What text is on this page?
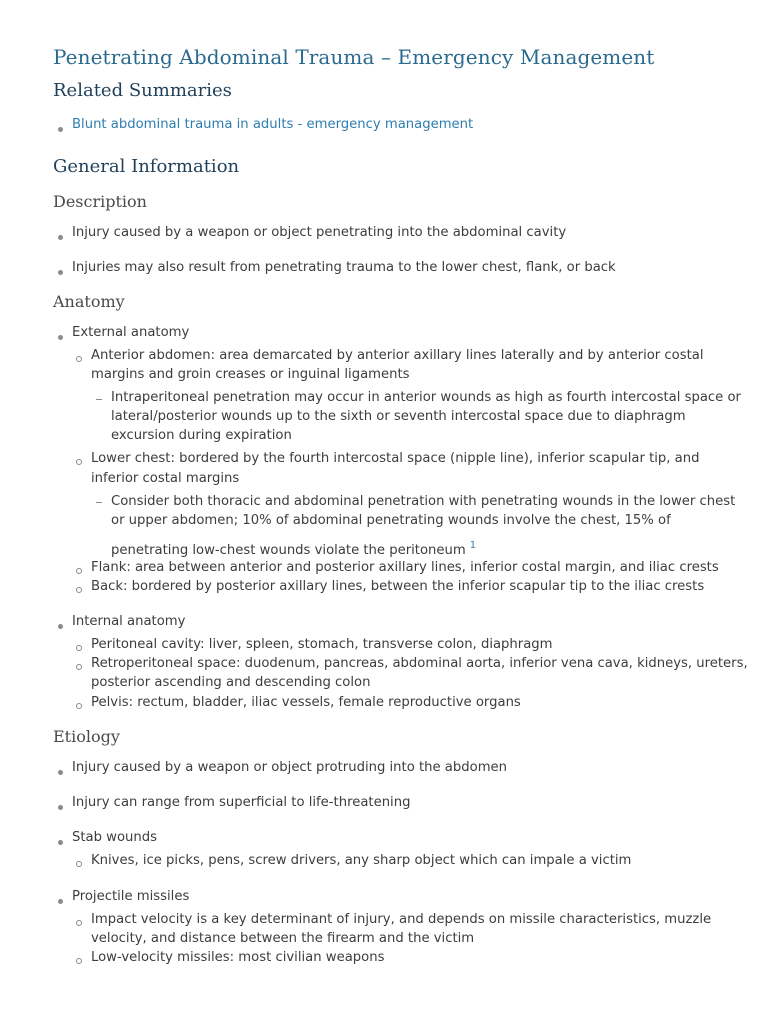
Penetrating Abdominal Trauma – Emergency Management
Related Summaries
Blunt abdominal trauma in adults - emergency management
General Information
Description
Injury caused by a weapon or object penetrating into the abdominal cavity
Injuries may also result from penetrating trauma to the lower chest, flank, or back
Anatomy
External anatomy
Anterior abdomen: area demarcated by anterior axillary lines laterally and by anterior costal
margins and groin creases or inguinal ligaments
Intraperitoneal penetration may occur in anterior wounds as high as fourth intercostal space or
lateral/posterior wounds up to the sixth or seventh intercostal space due to diaphragm
excursion during expiration
Lower chest: bordered by the fourth intercostal space (nipple line), inferior scapular tip, and
inferior costal margins
Consider both thoracic and abdominal penetration with penetrating wounds in the lower chest
or upper abdomen; 10% of abdominal penetrating wounds involve the chest, 15% of
penetrating low-chest wounds violate the peritoneum $^1$
Flank: area between anterior and posterior axillary lines, inferior costal margin, and iliac crests
Back: bordered by posterior axillary lines, between the inferior scapular tip to the iliac crests
Internal anatomy
Peritoneal cavity: liver, spleen, stomach, transverse colon, diaphragm
Retroperitoneal space: duodenum, pancreas, abdominal aorta, inferior vena cava, kidneys, ureters,
posterior ascending and descending colon
Pelvis: rectum, bladder, iliac vessels, female reproductive organs
Etiology
Injury caused by a weapon or object protruding into the abdomen
Injury can range from superficial to life-threatening
Stab wounds
Knives, ice picks, pens, screw drivers, any sharp object which can impale a victim
Projectile missiles
Impact velocity is a key determinant of injury, and depends on missile characteristics, muzzle
velocity, and distance between the firearm and the victim
Low-velocity missiles: most civilian weapons
